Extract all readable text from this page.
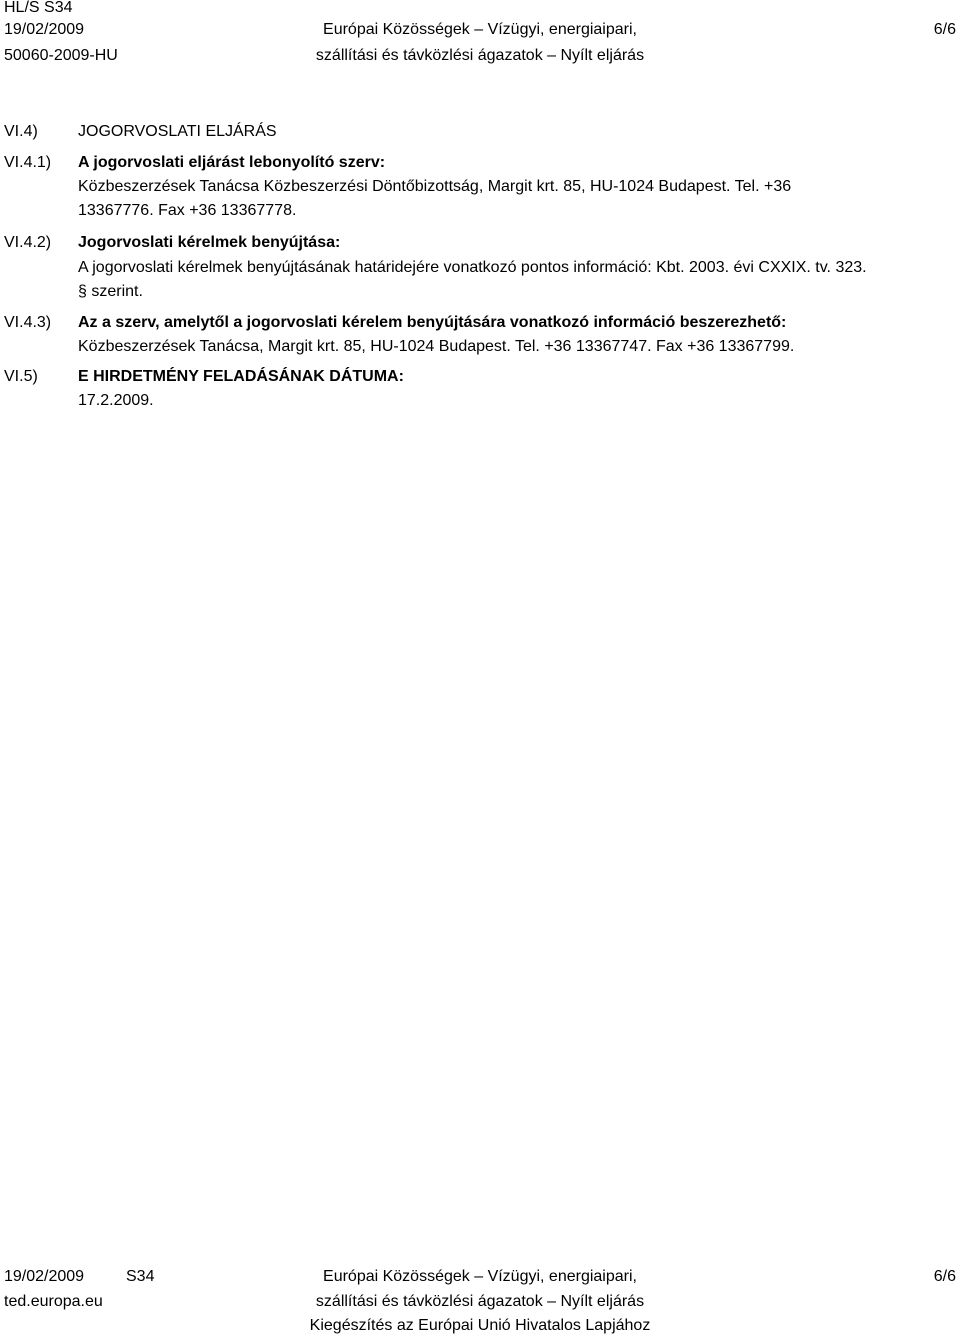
HL/S S34
19/02/2009
50060-2009-HU
Európai Közösségek – Vízügyi, energiaipari,
szállítási és távközlési ágazatok – Nyílt eljárás
6/6
VI.4)	JOGORVOSLATI ELJÁRÁS
VI.4.1) A jogorvoslati eljárást lebonyolító szerv:
Közbeszerzések Tanácsa Közbeszerzési Döntőbizottság, Margit krt. 85, HU-1024 Budapest. Tel. +36
13367776. Fax +36 13367778.
VI.4.2) Jogorvoslati kérelmek benyújtása:
A jogorvoslati kérelmek benyújtásának határidejére vonatkozó pontos információ: Kbt. 2003. évi CXXIX. tv. 323.
§ szerint.
VI.4.3) Az a szerv, amelytől a jogorvoslati kérelem benyújtására vonatkozó információ beszerezhető:
Közbeszerzések Tanácsa, Margit krt. 85, HU-1024 Budapest. Tel. +36 13367747. Fax +36 13367799.
VI.5)	E HIRDETMÉNY FELADÁSÁNAK DÁTUMA:
17.2.2009.
19/02/2009	S34
ted.europa.eu
Európai Közösségek – Vízügyi, energiaipari,
szállítási és távközlési ágazatok – Nyílt eljárás
Kiegészítés az Európai Unió Hivatalos Lapjához
6/6
